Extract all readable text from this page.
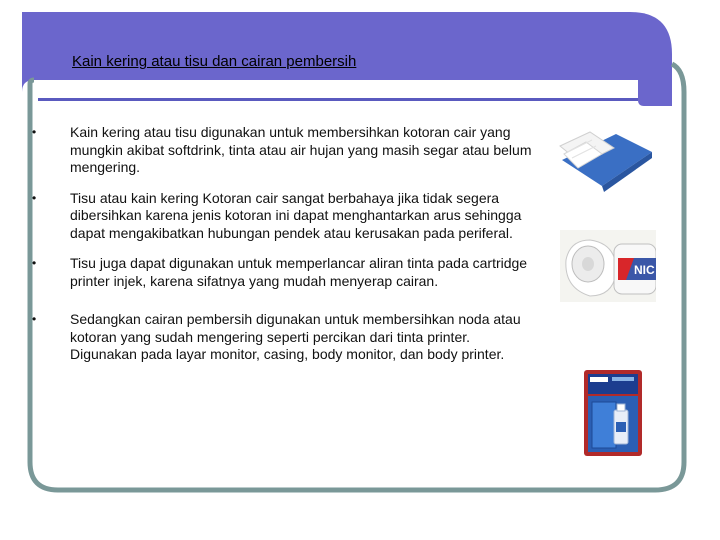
Kain kering atau tisu dan cairan pembersih
• Kain kering atau tisu digunakan untuk membersihkan kotoran cair yang mungkin akibat softdrink, tinta atau air hujan yang masih segar atau belum mengering.
• Tisu atau kain kering Kotoran cair sangat berbahaya jika tidak segera dibersihkan karena jenis kotoran ini dapat menghantarkan arus sehingga dapat mengakibatkan hubungan pendek atau kerusakan pada periferal.
• Tisu juga dapat digunakan untuk memperlancar aliran tinta pada cartridge printer injek, karena sifatnya yang mudah menyerap cairan.
• Sedangkan cairan pembersih digunakan untuk membersihkan noda atau kotoran yang sudah mengering seperti percikan dari tinta printer. Digunakan pada layar monitor, casing, body monitor, dan body printer.
NIC
